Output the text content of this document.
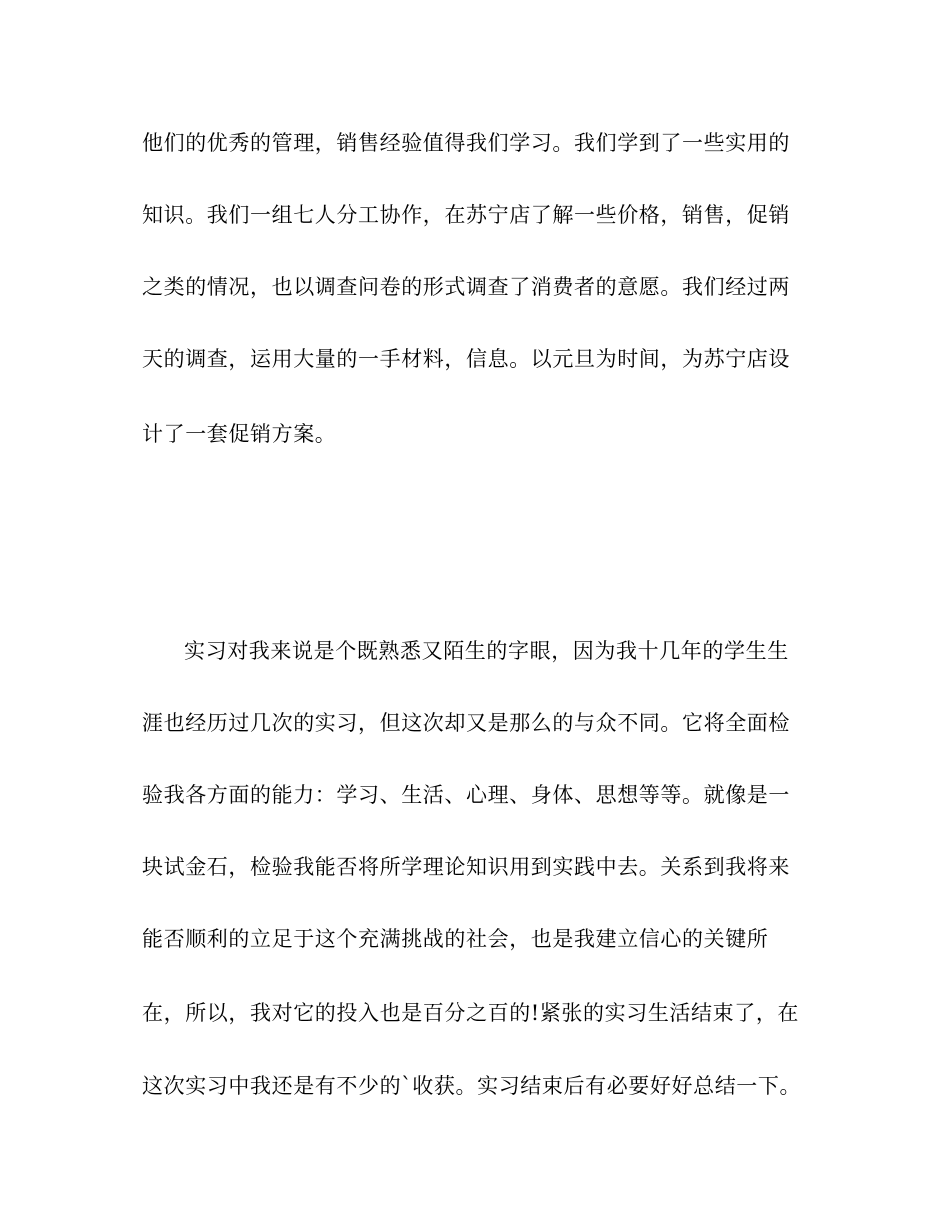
他们的优秀的管理，销售经验值得我们学习。我们学到了一些实用的
知识。我们一组七人分工协作，在苏宁店了解一些价格，销售，促销
之类的情况，也以调查问卷的形式调查了消费者的意愿。我们经过两
天的调查，运用大量的一手材料，信息。以元旦为时间，为苏宁店设
计了一套促销方案。
实习对我来说是个既熟悉又陌生的字眼，因为我十几年的学生生
涯也经历过几次的实习，但这次却又是那么的与众不同。它将全面检
验我各方面的能力：学习、生活、心理、身体、思想等等。就像是一
块试金石，检验我能否将所学理论知识用到实践中去。关系到我将来
能否顺利的立足于这个充满挑战的社会，也是我建立信心的关键所
在，所以，我对它的投入也是百分之百的!紧张的实习生活结束了，在
这次实习中我还是有不少的`收获。实习结束后有必要好好总结一下。
